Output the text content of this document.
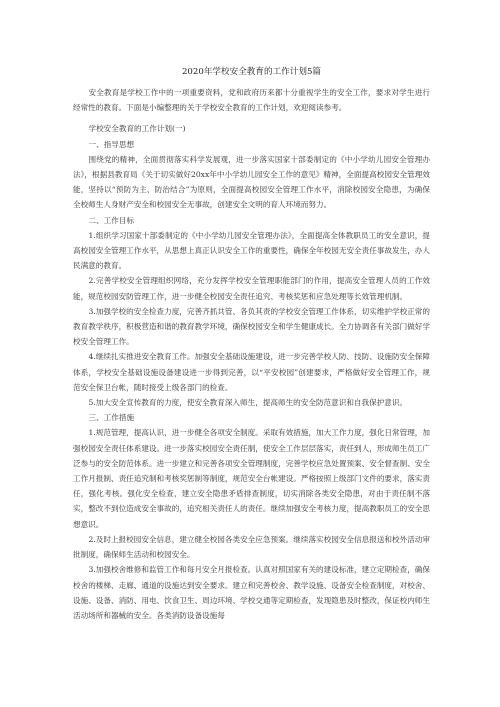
2020年学校安全教育的工作计划5篇

安全教育是学校工作中的一项重要资料，党和政府历来都十分重视学生的安全工作，要求对学生进行经常性的教育。下面是小编整理的关于学校安全教育的工作计划，欢迎阅读参考。

学校安全教育的工作计划(一)

一、指导思想

围绕党的精神，全面贯彻落实科学发展观，进一步落实国家十部委制定的《中小学幼儿园安全管理办法》，根据县教育局《关于切实做好20xx年中小学幼儿园安全工作的意见》精神，全面提高校园安全管理效能，坚持以“预防为主、防治结合”为原则，全面提高校园安全管理工作水平，消除校园安全隐患，为确保全校师生人身财产安全和校园安全无事故，创建安全文明的育人环境而努力。

二、工作目标

1.组织学习国家十部委制定的《中小学幼儿园安全管理办法》，全面提高全体教职员工的安全意识，提高校园安全管理工作水平，从思想上真正认识安全工作的重要性，确保全年校园无安全责任事故发生，办人民满意的教育。

2.完善学校安全管理组织网络，充分发挥学校安全管理职能部门的作用，提高安全管理人员的工作效能，规范校园安防管理工作，进一步健全校园安全责任追究、考核奖惩和应急处理等长效管理机制。

3.加强学校的安全检查力度，完善齐抓共管、各负其责的学校安全管理工作体系，切实维护学校正常的教育教学秩序，积极营造和谐的教育教学环境，确保校园安全和学生健康成长。全力协调各有关部门做好学校安全管理工作。

4.继续扎实推进安全教育工作。加强安全基础设施建设，进一步完善学校人防、技防、设施防安全保障体系，学校安全基础设施设备建设进一步得到完善，以“平安校园”创建要求，严格做好安全管理工作，规范安全保卫台帐，随时接受上级各部门的检查。

5.加大安全宣传教育的力度，使安全教育深入师生，提高师生的安全防范意识和自我保护意识。

三、工作措施

1.规范管理，提高认识，进一步健全各项安全制度。采取有效措施，加大工作力度，强化日常管理，加强校园安全责任体系建设。进一步落实校园安全责任制，使安全工作层层落实，责任到人，形成师生员工广泛参与的安全防范体系。进一步建立和完善各项安全管理制度，完善学校应急处置预案、安全督查制、安全工作月报制、责任追究制和考核奖惩制等制度，规范安全台帐建设。严格按照上级部门文件的要求，落实责任，强化考核。强化安全检查，建立安全隐患矛盾排查制度，切实消除各类安全隐患，对由于责任制不落实，整改不到位造成安全事故的，追究相关责任人的责任。继续加强安全考核力度，提高教职员工的安全思想意识。

2.及时上报校园安全信息，建立健全校园各类安全应急预案。继续落实校园安全信息报送和校外活动审批制度，确保师生活动和校园安全。

3.加强校舍维修和监管工作和每月安全月报检查。认真对照国家有关的建设标准，建立定期检查，确保校舍的楼梯、走廊、通道的设施达到安全要求。建立和完善校舍、教学设施、设备安全检查制度，对校舍、设施、设备、消防、用电、饮食卫生、周边环境、学校交通等定期检查，发现隐患及时整改，保证校内师生活动场所和器械的安全。各类消防设备设施每
